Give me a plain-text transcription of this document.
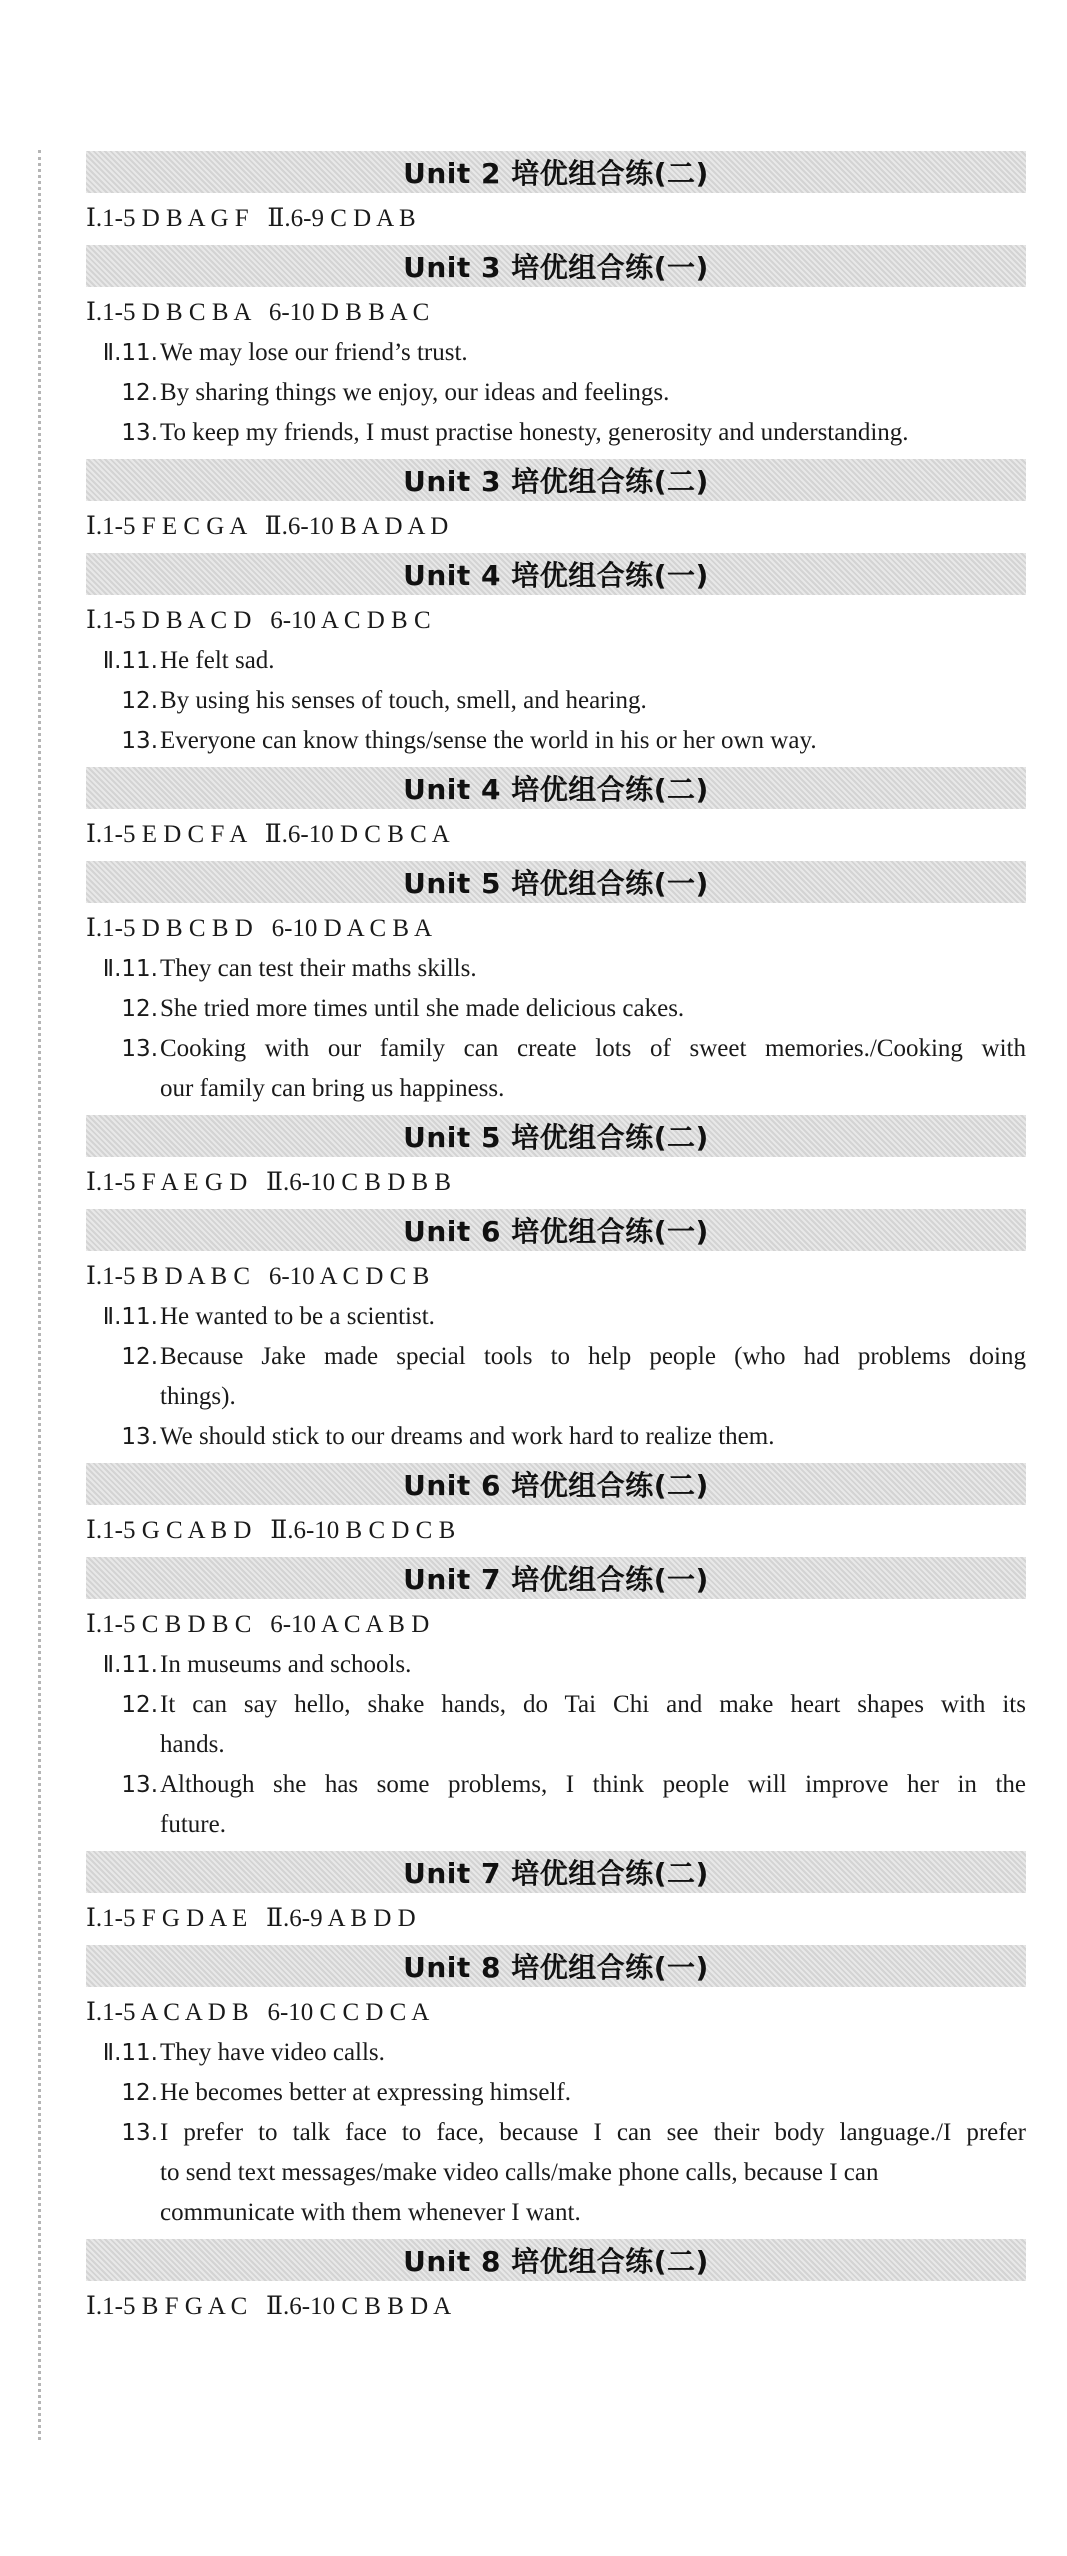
Unit 2 培优组合练(二)
Ⅰ.1-5 D B A G F   Ⅱ.6-9 C D A B
Unit 3 培优组合练(一)
Ⅰ.1-5 D B C B A   6-10 D B B A C
Ⅱ.11. We may lose our friend’s trust.
12. By sharing things we enjoy, our ideas and feelings.
13. To keep my friends, I must practise honesty, generosity and understanding.
Unit 3 培优组合练(二)
Ⅰ.1-5 F E C G A   Ⅱ.6-10 B A D A D
Unit 4 培优组合练(一)
Ⅰ.1-5 D B A C D   6-10 A C D B C
Ⅱ.11. He felt sad.
12. By using his senses of touch, smell, and hearing.
13. Everyone can know things/sense the world in his or her own way.
Unit 4 培优组合练(二)
Ⅰ.1-5 E D C F A   Ⅱ.6-10 D C B C A
Unit 5 培优组合练(一)
Ⅰ.1-5 D B C B D   6-10 D A C B A
Ⅱ.11. They can test their maths skills.
12. She tried more times until she made delicious cakes.
13. Cooking with our family can create lots of sweet memories./Cooking with
our family can bring us happiness.
Unit 5 培优组合练(二)
Ⅰ.1-5 F A E G D   Ⅱ.6-10 C B D B B
Unit 6 培优组合练(一)
Ⅰ.1-5 B D A B C   6-10 A C D C B
Ⅱ.11. He wanted to be a scientist.
12. Because Jake made special tools to help people (who had problems doing
things).
13. We should stick to our dreams and work hard to realize them.
Unit 6 培优组合练(二)
Ⅰ.1-5 G C A B D   Ⅱ.6-10 B C D C B
Unit 7 培优组合练(一)
Ⅰ.1-5 C B D B C   6-10 A C A B D
Ⅱ.11. In museums and schools.
12. It can say hello, shake hands, do Tai Chi and make heart shapes with its
hands.
13. Although she has some problems, I think people will improve her in the
future.
Unit 7 培优组合练(二)
Ⅰ.1-5 F G D A E   Ⅱ.6-9 A B D D
Unit 8 培优组合练(一)
Ⅰ.1-5 A C A D B   6-10 C C D C A
Ⅱ.11. They have video calls.
12. He becomes better at expressing himself.
13. I prefer to talk face to face, because I can see their body language./I prefer
to send text messages/make video calls/make phone calls, because I can
communicate with them whenever I want.
Unit 8 培优组合练(二)
Ⅰ.1-5 B F G A C   Ⅱ.6-10 C B B D A
